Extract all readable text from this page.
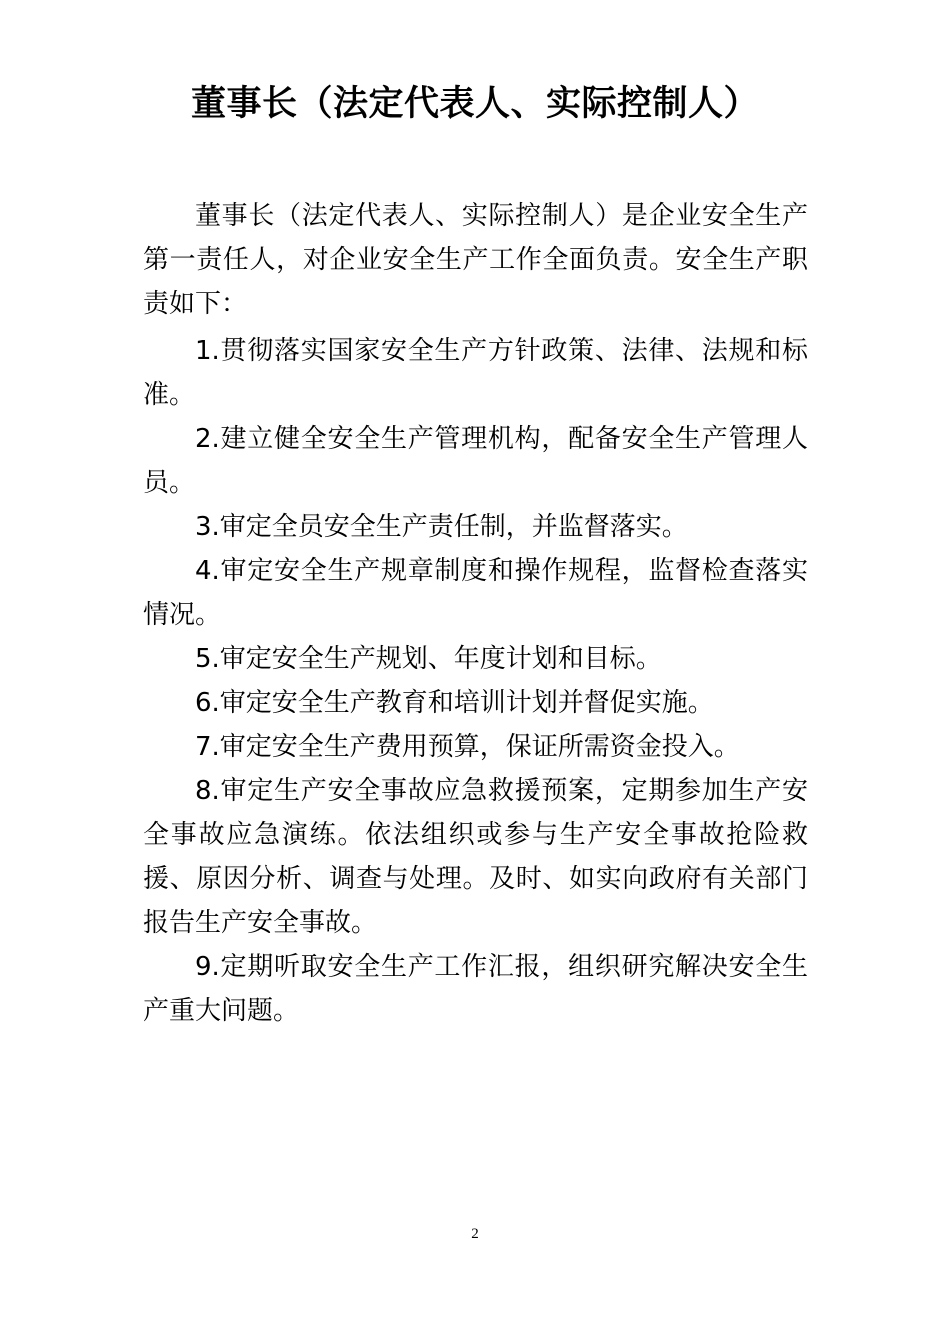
董事长（法定代表人、实际控制人）

董事长（法定代表人、实际控制人）是企业安全生产第一责任人，对企业安全生产工作全面负责。安全生产职责如下：

1.贯彻落实国家安全生产方针政策、法律、法规和标准。

2.建立健全安全生产管理机构，配备安全生产管理人员。

3.审定全员安全生产责任制，并监督落实。

4.审定安全生产规章制度和操作规程，监督检查落实情况。

5.审定安全生产规划、年度计划和目标。

6.审定安全生产教育和培训计划并督促实施。

7.审定安全生产费用预算，保证所需资金投入。

8.审定生产安全事故应急救援预案，定期参加生产安全事故应急演练。依法组织或参与生产安全事故抢险救援、原因分析、调查与处理。及时、如实向政府有关部门报告生产安全事故。

9.定期听取安全生产工作汇报，组织研究解决安全生产重大问题。

2
